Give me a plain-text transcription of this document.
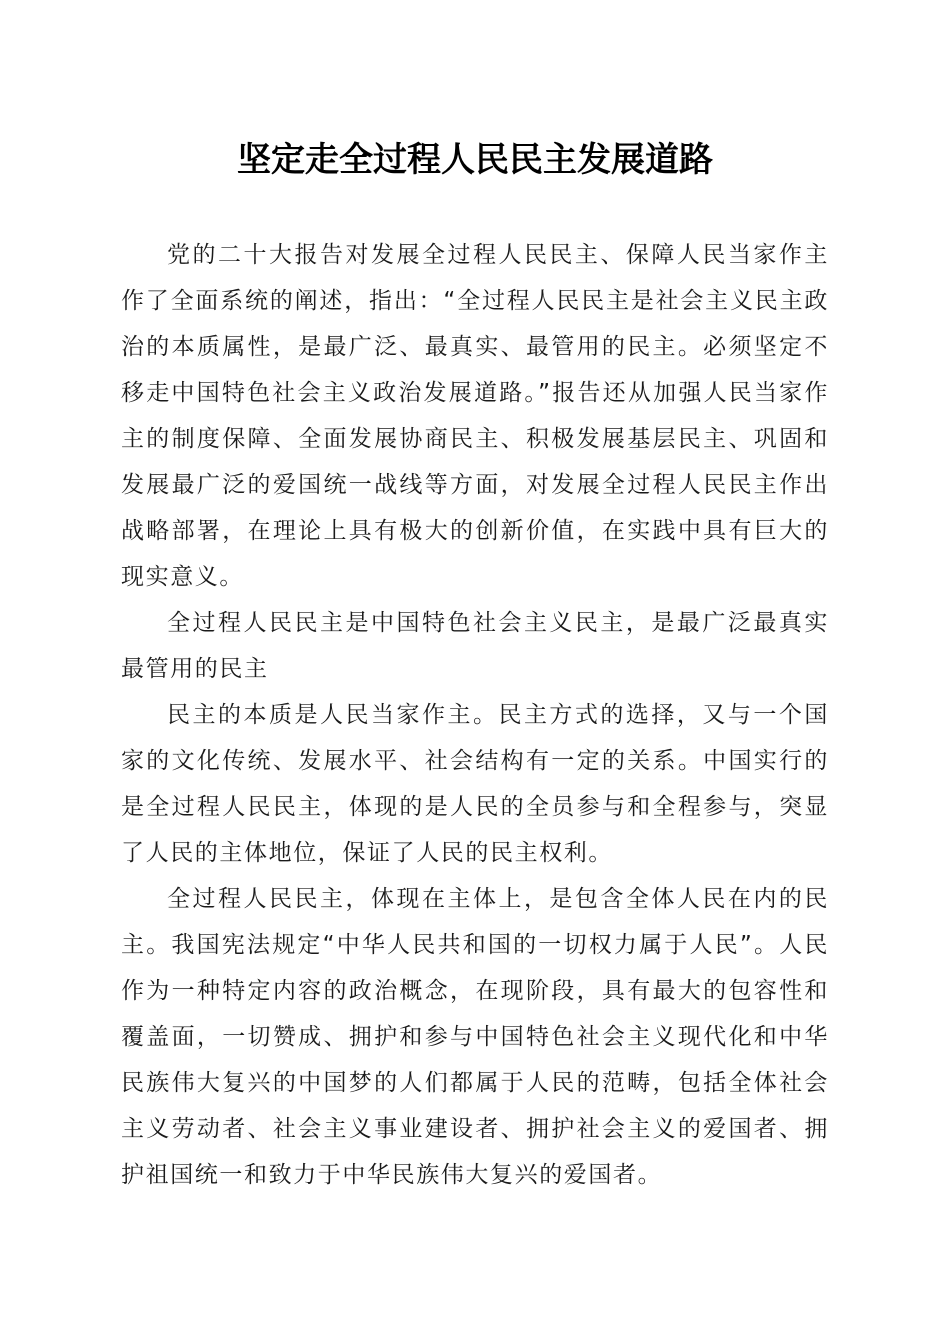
坚定走全过程人民民主发展道路

党的二十大报告对发展全过程人民民主、保障人民当家作主作了全面系统的阐述，指出：“全过程人民民主是社会主义民主政治的本质属性，是最广泛、最真实、最管用的民主。必须坚定不移走中国特色社会主义政治发展道路。”报告还从加强人民当家作主的制度保障、全面发展协商民主、积极发展基层民主、巩固和发展最广泛的爱国统一战线等方面，对发展全过程人民民主作出战略部署，在理论上具有极大的创新价值，在实践中具有巨大的现实意义。

全过程人民民主是中国特色社会主义民主，是最广泛最真实最管用的民主

民主的本质是人民当家作主。民主方式的选择，又与一个国家的文化传统、发展水平、社会结构有一定的关系。中国实行的是全过程人民民主，体现的是人民的全员参与和全程参与，突显了人民的主体地位，保证了人民的民主权利。

全过程人民民主，体现在主体上，是包含全体人民在内的民主。我国宪法规定“中华人民共和国的一切权力属于人民”。人民作为一种特定内容的政治概念，在现阶段，具有最大的包容性和覆盖面，一切赞成、拥护和参与中国特色社会主义现代化和中华民族伟大复兴的中国梦的人们都属于人民的范畴，包括全体社会主义劳动者、社会主义事业建设者、拥护社会主义的爱国者、拥护祖国统一和致力于中华民族伟大复兴的爱国者。
